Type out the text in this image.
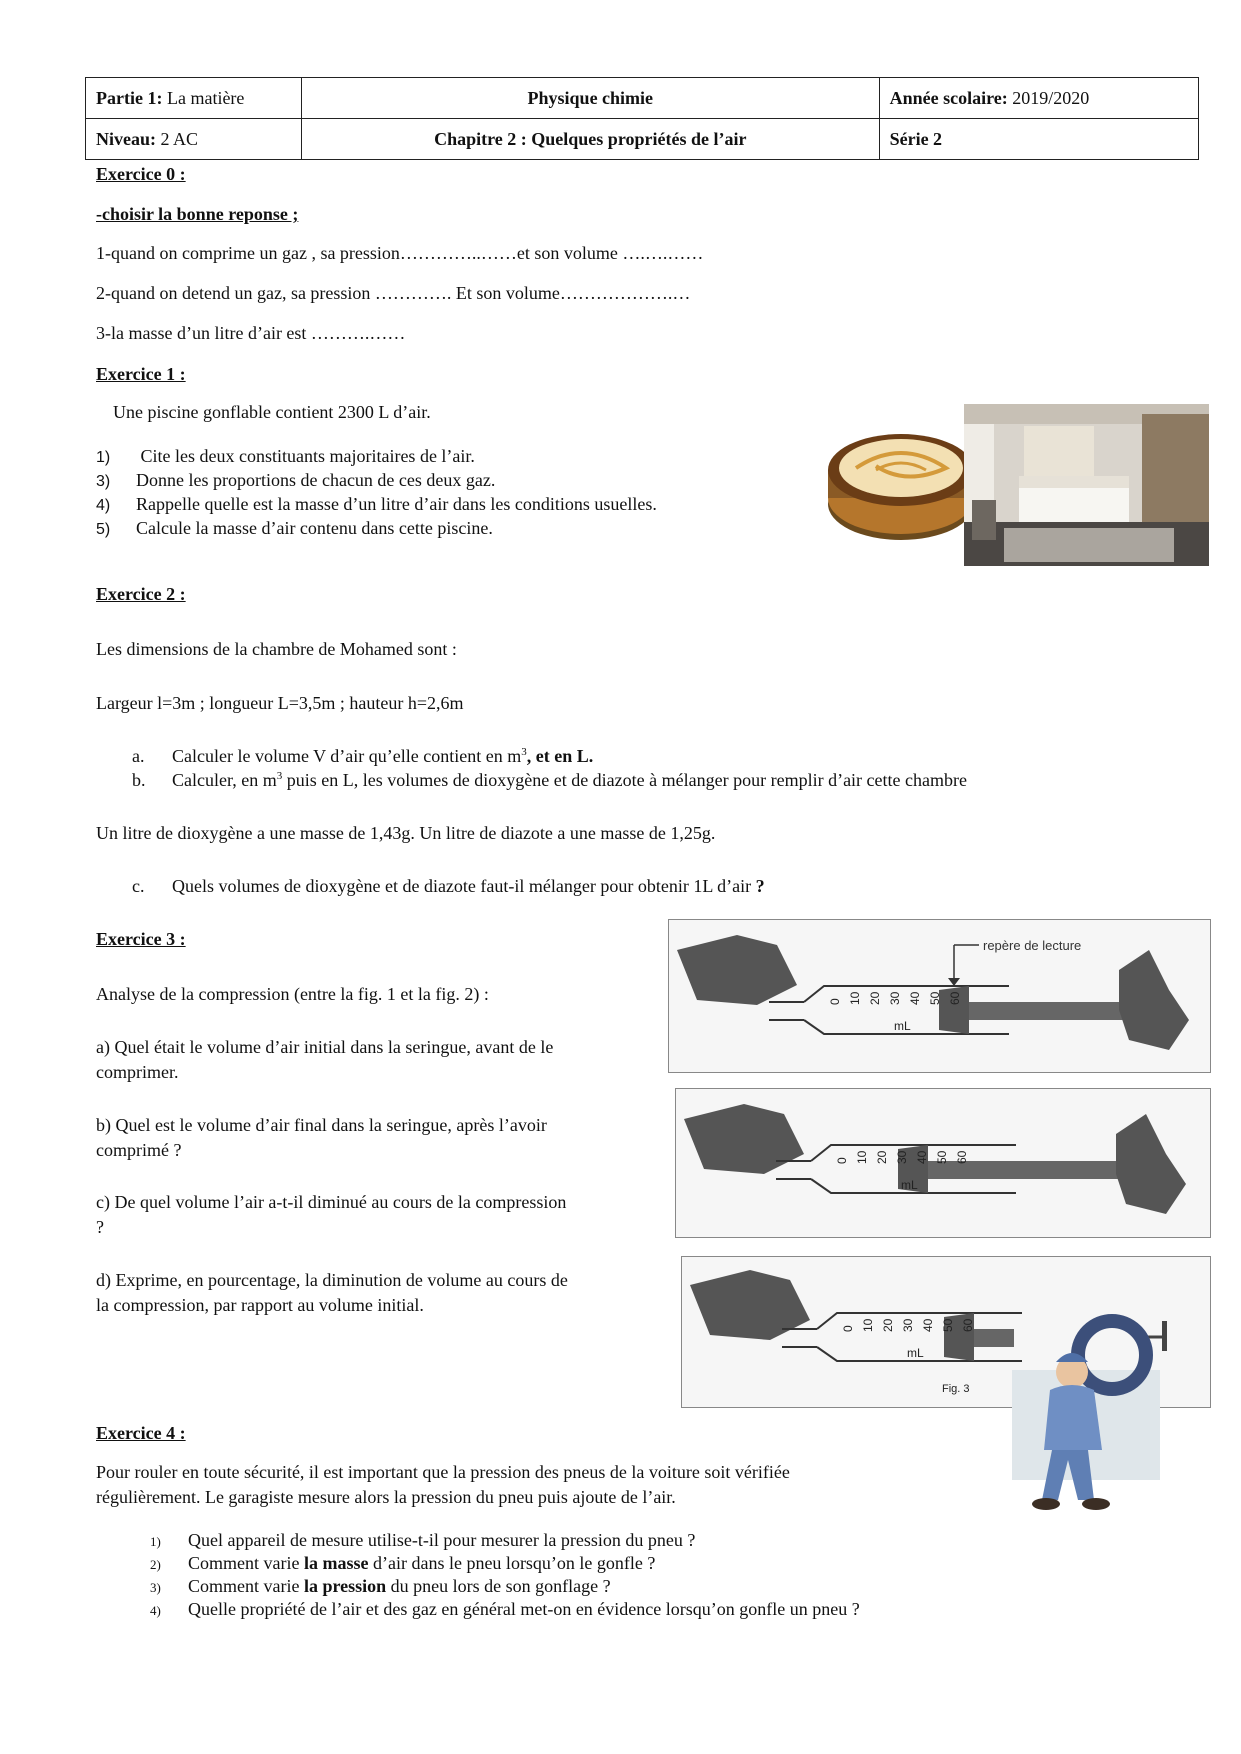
Partie 1: La matière	Physique chimie	Année scolaire: 2019/2020
Niveau: 2 AC	Chapitre 2 : Quelques propriétés de l’air	Série 2
Exercice 0 :
-choisir la bonne reponse ;
1-quand on comprime un gaz , sa pression…………..……et son volume ….….……
2-quand on detend un gaz, sa pression …………. Et son volume……………….…
3-la masse d’un litre d’air est ……….……
Exercice 1 :
Une piscine gonflable contient 2300 L d’air.
1) Cite les deux constituants majoritaires de l’air.
3) Donne les proportions de chacun de ces deux gaz.
4) Rappelle quelle est la masse d’un litre d’air dans les conditions usuelles.
5) Calcule la masse d’air contenu dans cette piscine.
Exercice 2 :
Les dimensions de la chambre de Mohamed sont :
Largeur l=3m ; longueur L=3,5m ; hauteur h=2,6m
a. Calculer le volume V d’air qu’elle contient en $m^3$, et en L.
b. Calculer, en $m^3$ puis en L, les volumes de dioxygène et de diazote à mélanger pour remplir d’air cette chambre
Un litre de dioxygène a une masse de 1,43g. Un litre de diazote a une masse de 1,25g.
c. Quels volumes de dioxygène et de diazote faut-il mélanger pour obtenir 1L d’air ?
Exercice 3 :
Analyse de la compression (entre la fig. 1 et la fig. 2) :
a) Quel était le volume d’air initial dans la seringue, avant de le
comprimer.
b) Quel est le volume d’air final dans la seringue, après l’avoir
comprimé ?
c) De quel volume l’air a-t-il diminué au cours de la compression
?
d) Exprime, en pourcentage, la diminution de volume au cours de
la compression, par rapport au volume initial.
repère de lecture
0 10 20 30 40 50 60
mL
0 10 20 30 40 50 60
mL
0 10 20 30 40 50 60
mL
Fig. 3
Exercice 4 :
Pour rouler en toute sécurité, il est important que la pression des pneus de la voiture soit vérifiée
régulièrement. Le garagiste mesure alors la pression du pneu puis ajoute de l’air.
1) Quel appareil de mesure utilise-t-il pour mesurer la pression du pneu ?
2) Comment varie la masse d’air dans le pneu lorsqu’on le gonfle ?
3) Comment varie la pression du pneu lors de son gonflage ?
4) Quelle propriété de l’air et des gaz en général met-on en évidence lorsqu’on gonfle un pneu ?
